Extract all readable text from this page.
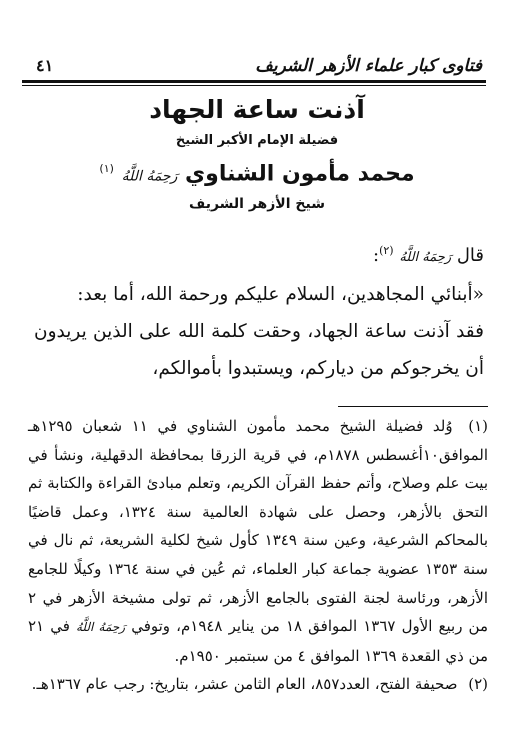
فتاوى كبار علماء الأزهر الشريف
٤١
آذنت ساعة الجهاد
فضيلة الإمام الأكبر الشيخ
محمد مأمون الشناوي رَحِمَهُ اللَّهُ $^{(١)}$
شيخ الأزهر الشريف

قال رَحِمَهُ اللَّهُ $^{(٢)}$:

«أبنائي المجاهدين، السلام عليكم ورحمة الله، أما بعد:

فقد آذنت ساعة الجهاد، وحقت كلمة الله على الذين يريدون أن يخرجوكم من دياركم، ويستبدوا بأموالكم،

(١) وُلد فضيلة الشيخ محمد مأمون الشناوي في ١١ شعبان ١٢٩٥هـ الموافق١٠أغسطس ١٨٧٨م، في قرية الزرقا بمحافظة الدقهلية، ونشأ في بيت علم وصلاح، وأتم حفظ القرآن الكريم، وتعلم مبادئ القراءة والكتابة ثم التحق بالأزهر، وحصل على شهادة العالمية سنة ١٣٢٤، وعمل قاضيًا بالمحاكم الشرعية، وعين سنة ١٣٤٩ كأول شيخ لكلية الشريعة، ثم نال في سنة ١٣٥٣ عضوية جماعة كبار العلماء، ثم عُين في سنة ١٣٦٤ وكيلًا للجامع الأزهر، ورئاسة لجنة الفتوى بالجامع الأزهر، ثم تولى مشيخة الأزهر في ٢ من ربيع الأول ١٣٦٧ الموافق ١٨ من يناير ١٩٤٨م، وتوفي رَحِمَهُ اللَّهُ في ٢١ من ذي القعدة ١٣٦٩ الموافق ٤ من سبتمبر ١٩٥٠م.

(٢) صحيفة الفتح، العدد٨٥٧، العام الثامن عشر، بتاريخ: رجب عام ١٣٦٧هـ.
